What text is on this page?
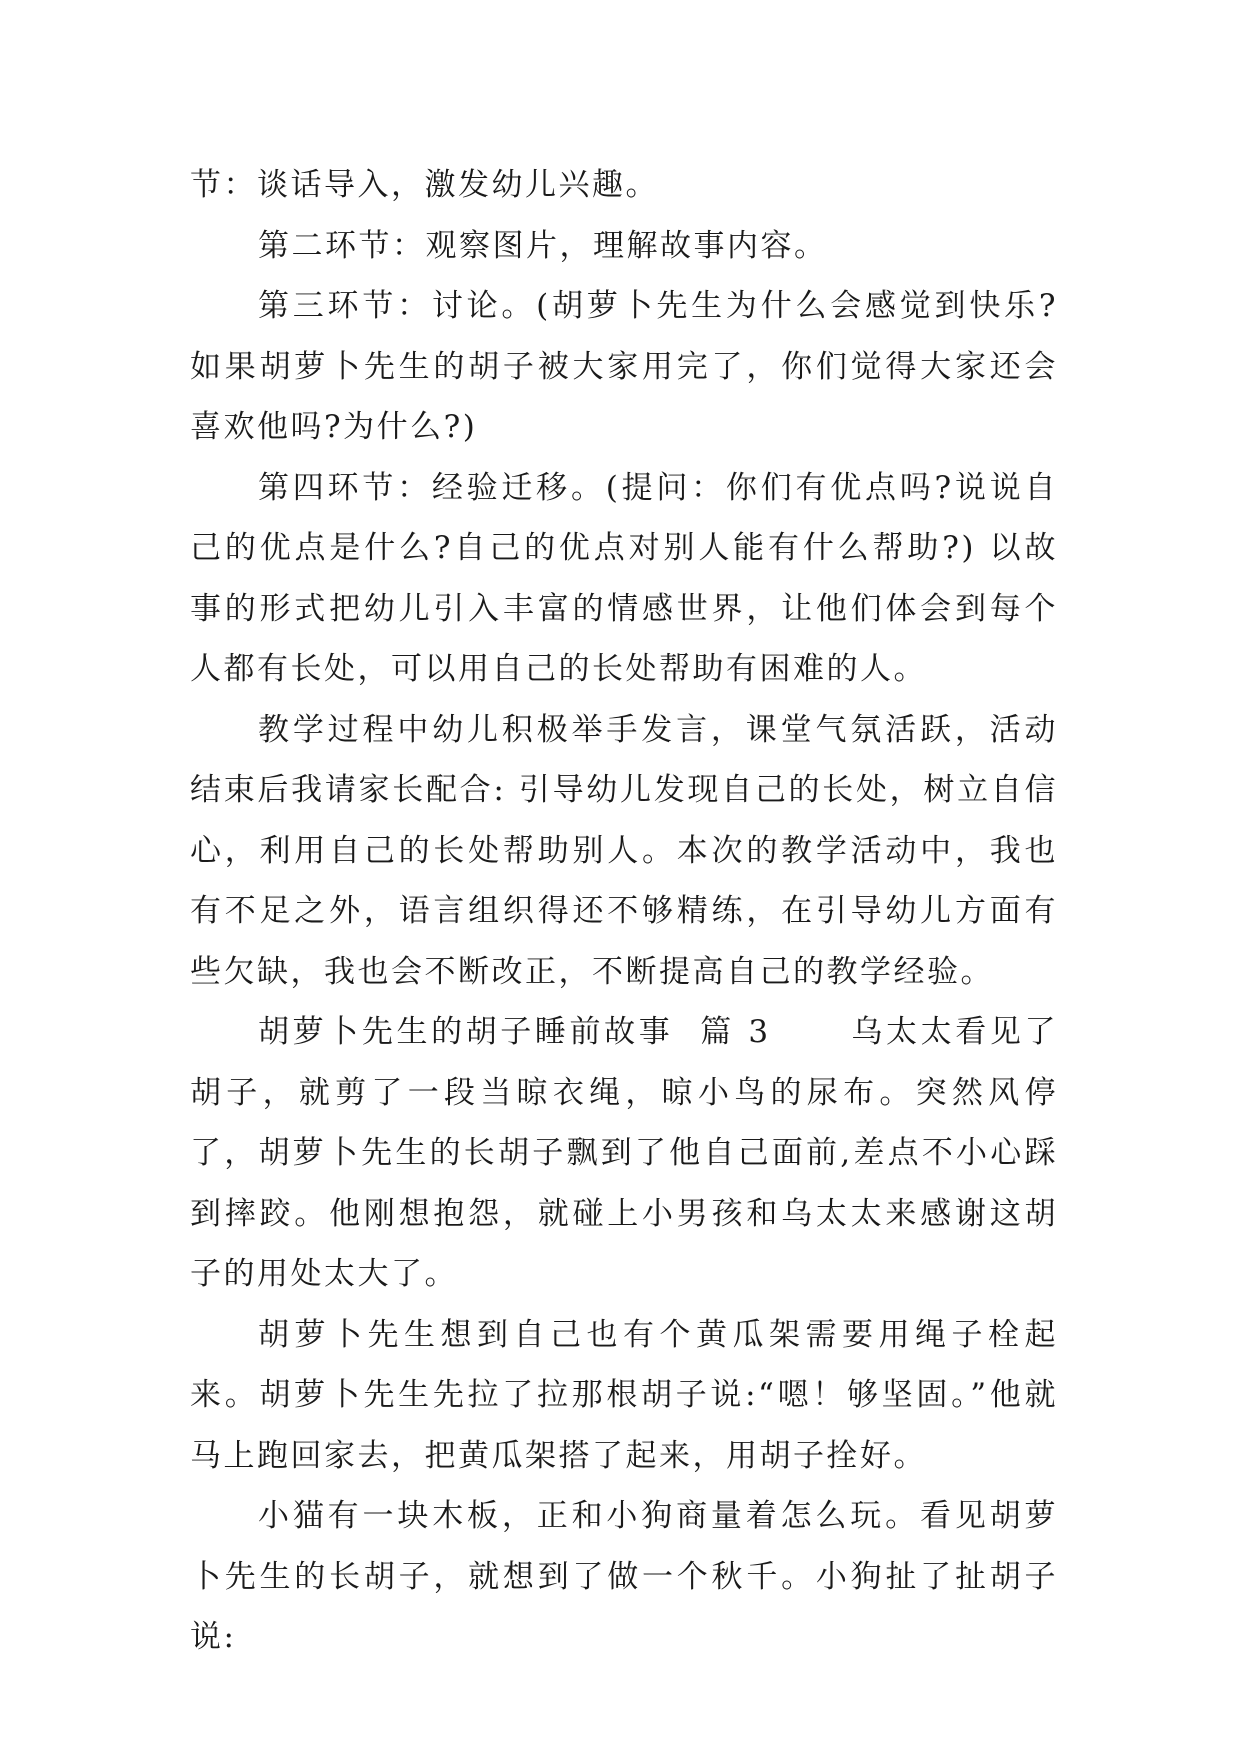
节：谈话导入，激发幼儿兴趣。

第二环节：观察图片，理解故事内容。

第三环节：讨论。(胡萝卜先生为什么会感觉到快乐?如果胡萝卜先生的胡子被大家用完了，你们觉得大家还会喜欢他吗?为什么?)

第四环节：经验迁移。(提问：你们有优点吗?说说自己的优点是什么?自己的优点对别人能有什么帮助?) 以故事的形式把幼儿引入丰富的情感世界，让他们体会到每个人都有长处，可以用自己的长处帮助有困难的人。

教学过程中幼儿积极举手发言，课堂气氛活跃，活动结束后我请家长配合: 引导幼儿发现自己的长处，树立自信心，利用自己的长处帮助别人。本次的教学活动中，我也有不足之外，语言组织得还不够精练，在引导幼儿方面有些欠缺，我也会不断改正，不断提高自己的教学经验。

胡萝卜先生的胡子睡前故事  篇 3      乌太太看见了胡子，就剪了一段当晾衣绳，晾小鸟的尿布。突然风停了，胡萝卜先生的长胡子飘到了他自己面前,差点不小心踩到摔跤。他刚想抱怨，就碰上小男孩和乌太太来感谢这胡子的用处太大了。

胡萝卜先生想到自己也有个黄瓜架需要用绳子栓起来。胡萝卜先生先拉了拉那根胡子说:“嗯！够坚固。”他就马上跑回家去，把黄瓜架搭了起来，用胡子拴好。

小猫有一块木板，正和小狗商量着怎么玩。看见胡萝卜先生的长胡子，就想到了做一个秋千。小狗扯了扯胡子说:
